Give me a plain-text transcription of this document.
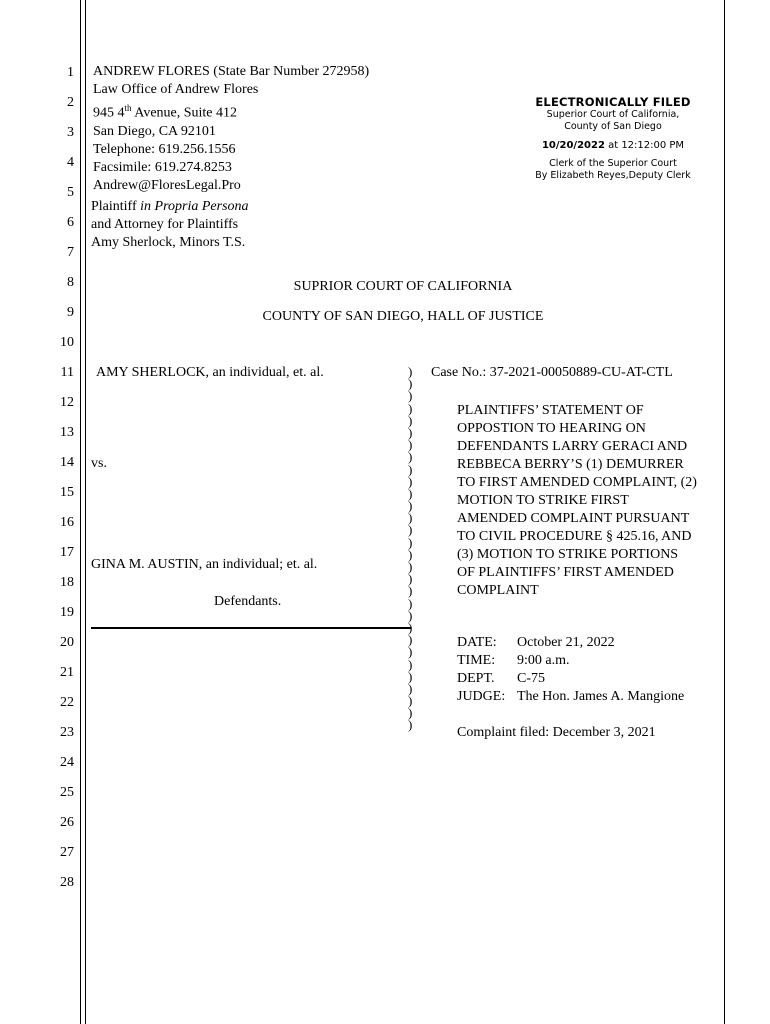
1
2
3
4
5
6
7
8
9
10
11
12
13
14
15
16
17
18
19
20
21
22
23
24
25
26
27
28
ANDREW FLORES (State Bar Number 272958)
Law Office of Andrew Flores
945 4th Avenue, Suite 412
San Diego, CA 92101
Telephone: 619.256.1556
Facsimile: 619.274.8253
Andrew@FloresLegal.Pro
Plaintiff in Propria Persona
and Attorney for Plaintiffs
Amy Sherlock, Minors T.S.
ELECTRONICALLY FILED
Superior Court of California,
County of San Diego
10/20/2022 at 12:12:00 PM
Clerk of the Superior Court
By Elizabeth Reyes,Deputy Clerk
SUPRIOR COURT OF CALIFORNIA
COUNTY OF SAN DIEGO, HALL OF JUSTICE
AMY SHERLOCK, an individual, et. al.
vs.
GINA M. AUSTIN, an individual; et. al.
Defendants.
)
)
)
)
)
)
)
)
)
)
)
)
)
)
)
)
)
)
)
)
)
)
)
)
)
)
)
)
)
)
Case No.: 37-2021-00050889-CU-AT-CTL
PLAINTIFFS’ STATEMENT OF
OPPOSTION TO HEARING ON
DEFENDANTS LARRY GERACI AND
REBBECA BERRY’S (1) DEMURRER
TO FIRST AMENDED COMPLAINT, (2)
MOTION TO STRIKE FIRST
AMENDED COMPLAINT PURSUANT
TO CIVIL PROCEDURE § 425.16, AND
(3) MOTION TO STRIKE PORTIONS
OF PLAINTIFFS’ FIRST AMENDED
COMPLAINT
DATE: October 21, 2022
TIME: 9:00 a.m.
DEPT. C-75
JUDGE: The Hon. James A. Mangione
Complaint filed: December 3, 2021
